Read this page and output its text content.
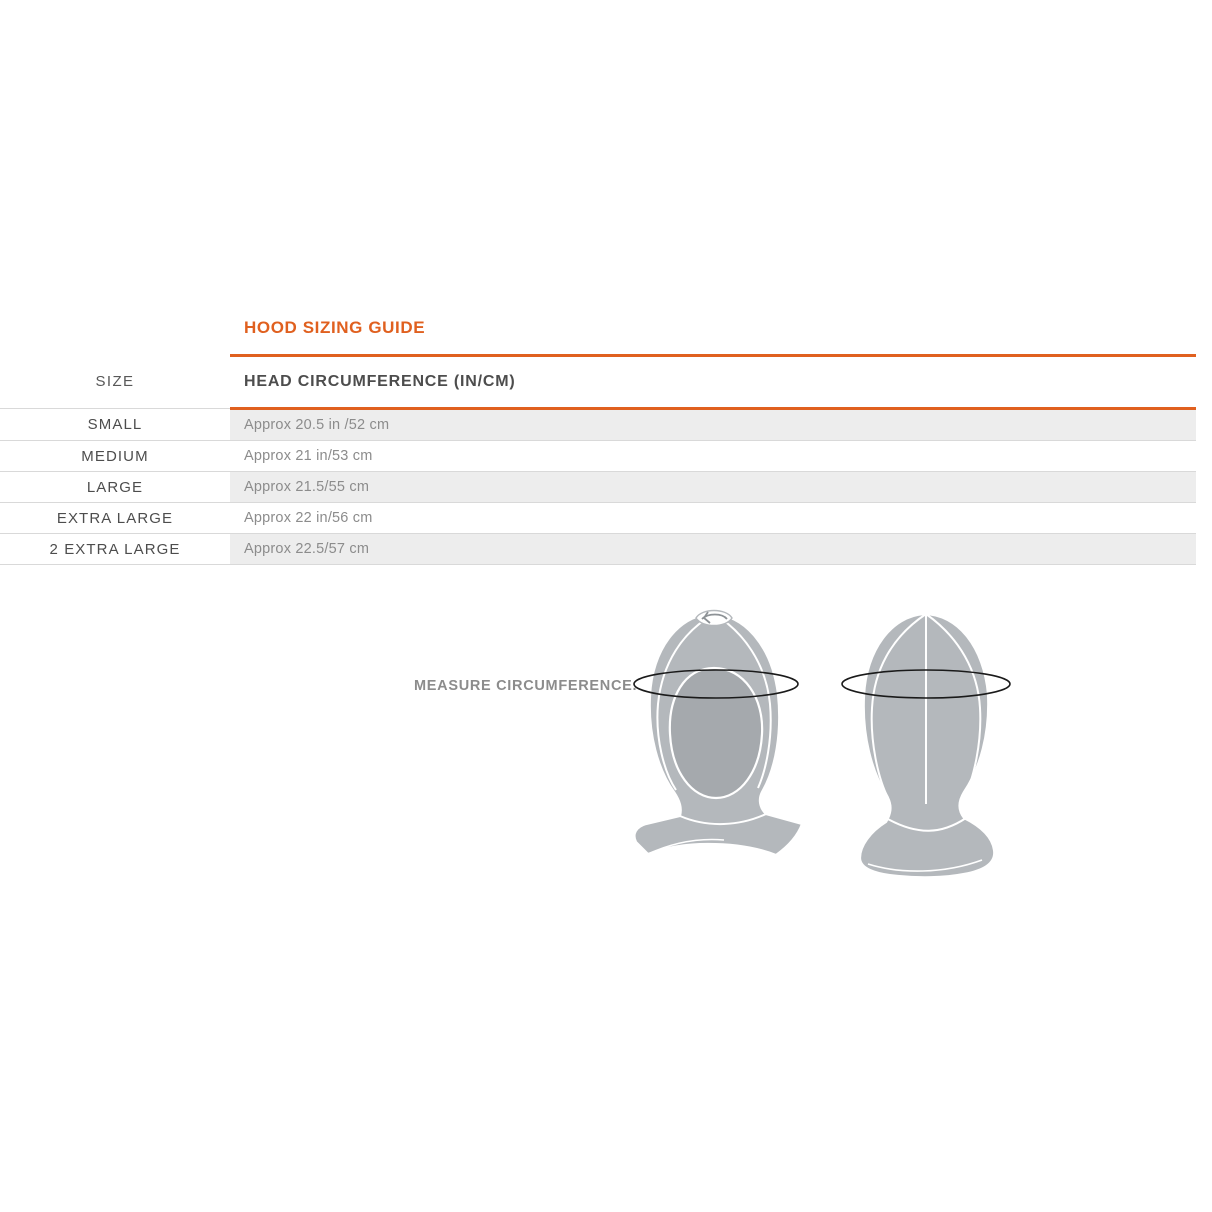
HOOD SIZING GUIDE
SIZE	HEAD CIRCUMFERENCE (IN/CM)
SMALL	Approx 20.5 in /52 cm
MEDIUM	Approx 21 in/53 cm
LARGE	Approx 21.5/55 cm
EXTRA LARGE	Approx 22 in/56 cm
2 EXTRA LARGE	Approx 22.5/57 cm
MEASURE CIRCUMFERENCE.
